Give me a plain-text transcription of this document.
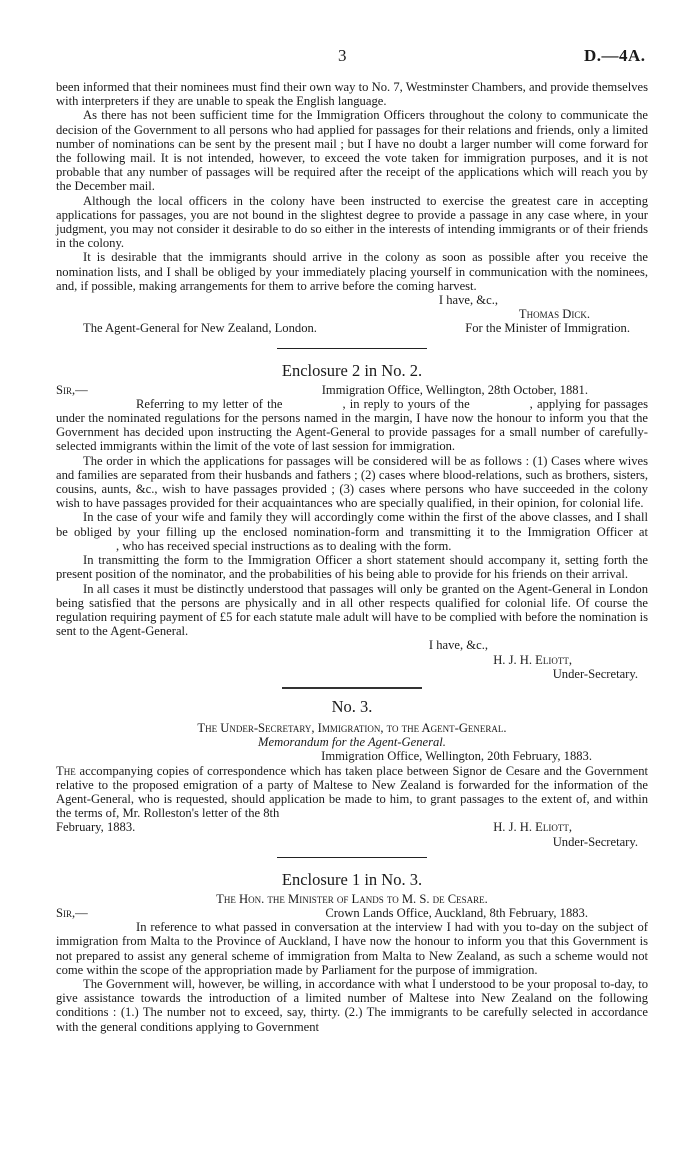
3	D.—4A.

been informed that their nominees must find their own way to No. 7, Westminster Chambers, and provide themselves with interpreters if they are unable to speak the English language.

As there has not been sufficient time for the Immigration Officers throughout the colony to communicate the decision of the Government to all persons who had applied for passages for their relations and friends, only a limited number of nominations can be sent by the present mail ; but I have no doubt a larger number will come forward for the following mail. It is not intended, however, to exceed the vote taken for immigration purposes, and it is not probable that any number of passages will be required after the receipt of the applications which will reach you by the December mail.

Although the local officers in the colony have been instructed to exercise the greatest care in accepting applications for passages, you are not bound in the slightest degree to provide a passage in any case where, in your judgment, you may not consider it desirable to do so either in the interests of intending immigrants or of their friends in the colony.

It is desirable that the immigrants should arrive in the colony as soon as possible after you receive the nomination lists, and I shall be obliged by your immediately placing yourself in communication with the nominees, and, if possible, making arrangements for them to arrive before the coming harvest.

I have, &c.,

Thomas Dick.

The Agent-General for New Zealand, London.	For the Minister of Immigration.

Enclosure 2 in No. 2.

Sir,—	Immigration Office, Wellington, 28th October, 1881.

Referring to my letter of the	, in reply to yours of the	, applying for passages under the nominated regulations for the persons named in the margin, I have now the honour to inform you that the Government has decided upon instructing the Agent-General to provide passages for a small number of carefully-selected immigrants within the limit of the vote of last session for immigration.

The order in which the applications for passages will be considered will be as follows : (1) Cases where wives and families are separated from their husbands and fathers ; (2) cases where blood-relations, such as brothers, sisters, cousins, aunts, &c., wish to have passages provided ; (3) cases where persons who have succeeded in the colony wish to have passages provided for their acquaintances who are specially qualified, in their opinion, for colonial life.

In the case of your wife and family they will accordingly come within the first of the above classes, and I shall be obliged by your filling up the enclosed nomination-form and transmitting it to the Immigration Officer at, who has received special instructions as to dealing with the form.

In transmitting the form to the Immigration Officer a short statement should accompany it, setting forth the present position of the nominator, and the probabilities of his being able to provide for his friends on their arrival.

In all cases it must be distinctly understood that passages will only be granted on the Agent-General in London being satisfied that the persons are physically and in all other respects qualified for colonial life. Of course the regulation requiring payment of £5 for each statute male adult will have to be complied with before the nomination is sent to the Agent-General.

I have, &c.,

H. J. H. Eliott,

Under-Secretary.

No. 3.

The Under-Secretary, Immigration, to the Agent-General.

Memorandum for the Agent-General.

Immigration Office, Wellington, 20th February, 1883.

The accompanying copies of correspondence which has taken place between Signor de Cesare and the Government relative to the proposed emigration of a party of Maltese to New Zealand is forwarded for the information of the Agent-General, who is requested, should application be made to him, to grant passages to the extent of, and within the terms of, Mr. Rolleston's letter of the 8th

February, 1883.	H. J. H. Eliott,

Under-Secretary.

Enclosure 1 in No. 3.

The Hon. the Minister of Lands to M. S. de Cesare.

Sir,—	Crown Lands Office, Auckland, 8th February, 1883.

In reference to what passed in conversation at the interview I had with you to-day on the subject of immigration from Malta to the Province of Auckland, I have now the honour to inform you that this Government is not prepared to assist any general scheme of immigration from Malta to New Zealand, as such a scheme would not come within the scope of the appropriation made by Parliament for the purpose of immigration.

The Government will, however, be willing, in accordance with what I understood to be your proposal to-day, to give assistance towards the introduction of a limited number of Maltese into New Zealand on the following conditions : (1.) The number not to exceed, say, thirty. (2.) The immigrants to be carefully selected in accordance with the general conditions applying to Government
